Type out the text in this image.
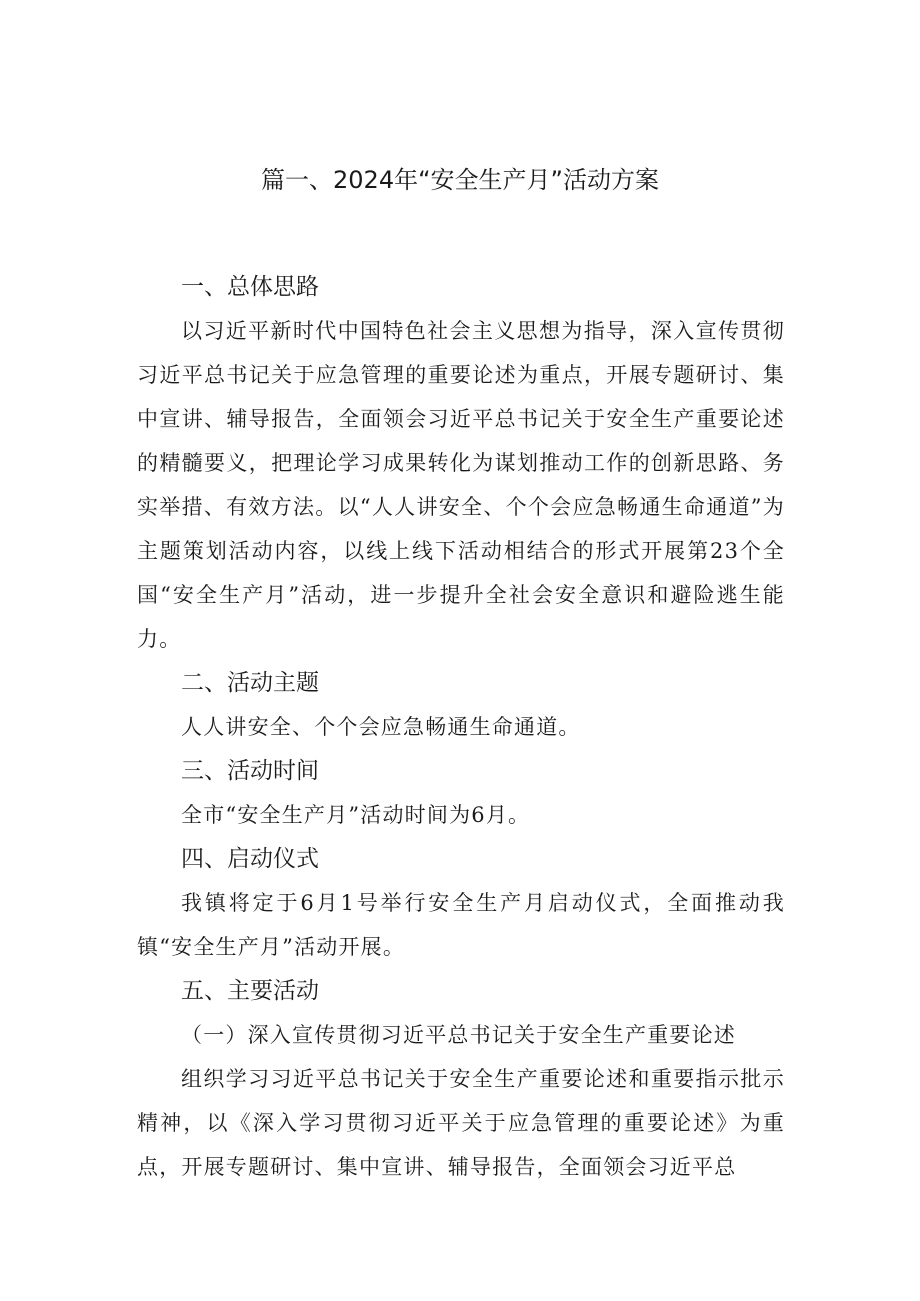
篇一、2024年“安全生产月”活动方案
一、总体思路

以习近平新时代中国特色社会主义思想为指导，深入宣传贯彻习近平总书记关于应急管理的重要论述为重点，开展专题研讨、集中宣讲、辅导报告，全面领会习近平总书记关于安全生产重要论述的精髓要义，把理论学习成果转化为谋划推动工作的创新思路、务实举措、有效方法。以“人人讲安全、个个会应急畅通生命通道”为主题策划活动内容，以线上线下活动相结合的形式开展第23个全国“安全生产月”活动，进一步提升全社会安全意识和避险逃生能力。

二、活动主题

人人讲安全、个个会应急畅通生命通道。

三、活动时间

全市“安全生产月”活动时间为6月。

四、启动仪式

我镇将定于6月1号举行安全生产月启动仪式，全面推动我镇“安全生产月”活动开展。

五、主要活动
（一）深入宣传贯彻习近平总书记关于安全生产重要论述

组织学习习近平总书记关于安全生产重要论述和重要指示批示精神，以《深入学习贯彻习近平关于应急管理的重要论述》为重点，开展专题研讨、集中宣讲、辅导报告，全面领会习近平总
